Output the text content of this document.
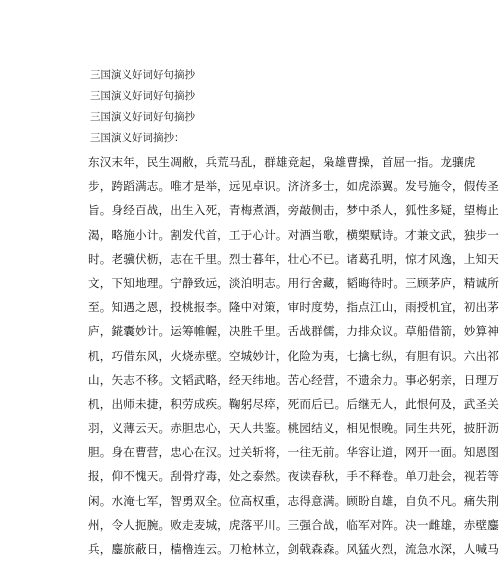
三国演义好词好句摘抄
三国演义好词好句摘抄
三国演义好词好句摘抄
三国演义好词摘抄：
东汉末年，民生凋敝，兵荒马乱，群雄竞起，枭雄曹操，首屈一指。龙骧虎
步，跨蹈满志。唯才是举，远见卓识。济济多士，如虎添翼。发号施令，假传圣
旨。身经百战，出生入死，青梅煮酒，旁敲侧击，梦中杀人，狐性多疑，望梅止
渴，略施小计。割发代首，工于心计。对酒当歌，横槊赋诗。才兼文武，独步一
时。老骥伏枥，志在千里。烈士暮年，壮心不已。诸葛孔明，惊才风逸，上知天
文，下知地理。宁静致远，淡泊明志。用行舍藏，韬晦待时。三顾茅庐，精诚所
至。知遇之恩，投桃报李。隆中对策，审时度势，指点江山，雨授机宜，初出茅
庐，錵囊妙计。运筹帷幄，决胜千里。舌战群儒，力排众议。草船借箭，妙算神
机，巧借东风，火烧赤壁。空城妙计，化险为夷，七擒七纵，有胆有识。六出祁
山，矢志不移。文韬武略，经天纬地。苦心经营，不遗余力。事必躬亲，日理万
机，出师未捷，积劳成疾。鞠躬尽瘁，死而后已。后继无人，此恨何及，武圣关
羽，义薄云天。赤胆忠心，天人共鉴。桃园结义，相见恨晚。同生共死，披肝沥
胆。身在曹营，忠心在汉。过关斩将，一往无前。华容让道，网开一面。知恩图
报，仰不愧天。刮骨疗毒，处之泰然。夜读春秋，手不释卷。单刀赴会，视若等
闲。水淹七军，智勇双全。位高权重，志得意满。顾盼自雄，自负不凡。痛失荆
州，令人扼腕。败走麦城，虎落平川。三强合战，临军对阵。决一雌雄，赤壁鏖
兵，鏖旅蔽日，樯橹连云。刀枪林立，剑戟森森。风猛火烈，流急水深，人喊马
